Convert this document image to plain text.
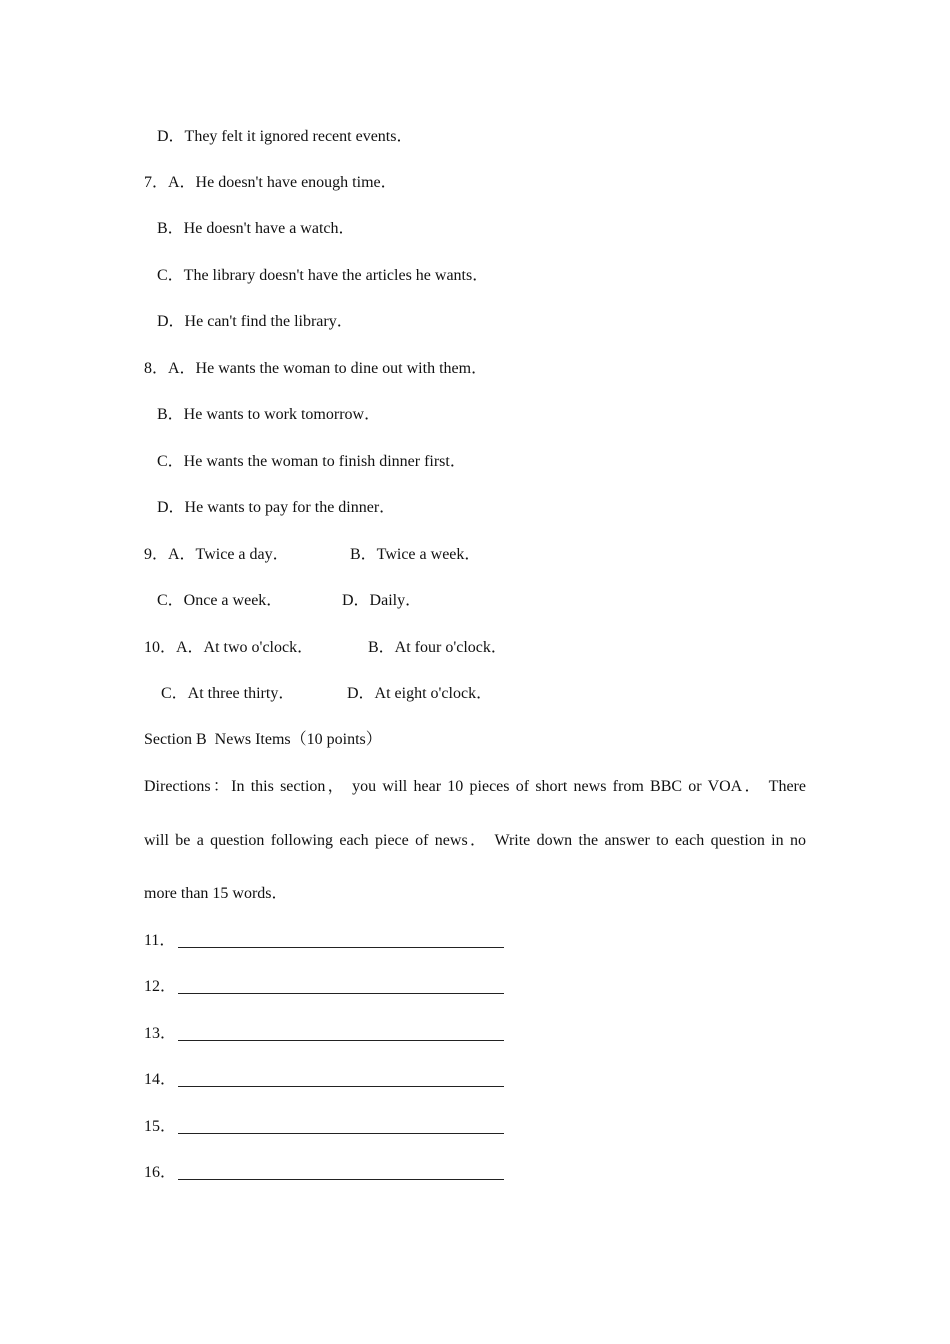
D．They felt it ignored recent events．
7．A．He doesn't have enough time．
B．He doesn't have a watch．
C．The library doesn't have the articles he wants．
D．He can't find the library．
8．A．He wants the woman to dine out with them．
B．He wants to work tomorrow．
C．He wants the woman to finish dinner first．
D．He wants to pay for the dinner．
9．A．Twice a day．	B．Twice a week．
C．Once a week．	D．Daily．
10．A．At two o'clock．	B．At four o'clock．
C．At three thirty．	D．At eight o'clock．
Section B  News Items（10 points）
Directions：In this section， you will hear 10 pieces of short news from BBC or VOA． There
will be a question following each piece of news． Write down the answer to each question in no
more than 15 words．
11．
12．
13．
14．
15．
16．
